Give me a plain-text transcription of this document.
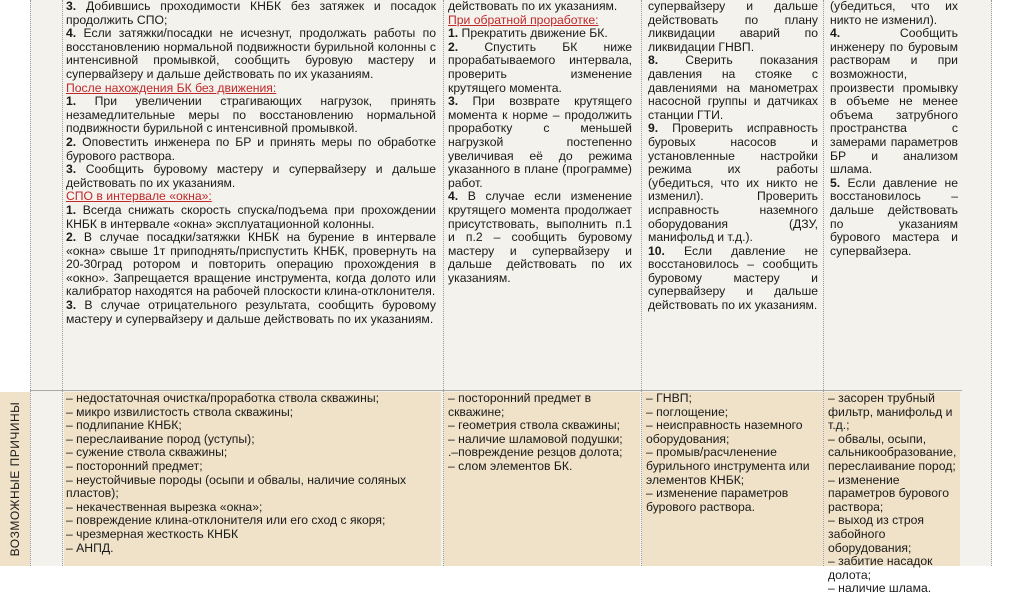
ВОЗМОЖНЫЕ ПРИЧИНЫ

3. Добившись проходимости КНБК без затяжек и посадок продолжить СПО;

4. Если затяжки/посадки не исчезнут, продолжать работы по восстановлению нормальной подвижности бурильной колонны с интенсивной промывкой, сообщить буровую мастеру и супервайзеру и дальше действовать по их указаниям.

После нахождения БК без движения:

1. При увеличении страгивающих нагрузок, принять незамедлительные меры по восстановлению нормальной подвижности бурильной с интенсивной промывкой.

2. Оповестить инженера по БР и принять меры по обработке бурового раствора.

3. Сообщить буровому мастеру и супервайзеру и дальше действовать по их указаниям.

СПО в интервале «окна»:

1. Всегда снижать скорость спуска/подъема при прохождении КНБК в интервале «окна» эксплуатационной колонны.

2. В случае посадки/затяжки КНБК на бурение в интервале «окна» свыше 1т приподнять/приспустить КНБК, провернуть на 20-30град ротором и повторить операцию прохождения в «окно». Запрещается вращение инструмента, когда долото или калибратор находятся на рабочей плоскости клина-отклонителя.

3. В случае отрицательного результата, сообщить буровому мастеру и супервайзеру и дальше действовать по их указаниям.

действовать по их указаниям.

При обратной проработке:

1. Прекратить движение БК.

2. Спустить БК ниже прорабатываемого интервала, проверить изменение крутящего момента.

3. При возврате крутящего момента к норме – продолжить проработку с меньшей нагрузкой постепенно увеличивая её до режима указанного в плане (программе) работ.

4. В случае если изменение крутящего момента продолжает присутствовать, выполнить п.1 и п.2 – сообщить буровому мастеру и супервайзеру и дальше действовать по их указаниям.

супервайзеру и дальше действовать по плану ликвидации аварий по ликвидации ГНВП.

8. Сверить показания давления на стояке с давлениями на манометрах насосной группы и датчиках станции ГТИ.

9. Проверить исправность буровых насосов и установленные настройки режима их работы (убедиться, что их никто не изменил). Проверить исправность наземного оборудования (ДЗУ, манифольд и т.д.).

10. Если давление не восстановилось – сообщить буровому мастеру и супервайзеру и дальше действовать по их указаниям.

(убедиться, что их никто не изменил).

4. Сообщить инженеру по буровым растворам и при возможности, произвести промывку в объеме не менее объема затрубного пространства с замерами параметров БР и анализом шлама.

5. Если давление не восстановилось – дальше действовать по указаниям бурового мастера и супервайзера.

– недостаточная очистка/проработка ствола скважины;

– микро извилистость ствола скважины;

– подлипание КНБК;

– переслаивание пород (уступы);

– сужение ствола скважины;

– посторонний предмет;

– неустойчивые породы (осыпи и обвалы, наличие соляных пластов);

– некачественная вырезка «окна»;

– повреждение клина-отклонителя или его сход с якоря;

– чрезмерная жесткость КНБК

– АНПД.

– посторонний предмет в скважине;

– геометрия ствола скважины;

– наличие шламовой подушки;

.–повреждение резцов долота;

– слом элементов БК.

– ГНВП;

– поглощение;

– неисправность наземного оборудования;

– промыв/расчленение бурильного инструмента или элементов КНБК;

– изменение параметров бурового раствора.

– засорен трубный фильтр, манифольд и т.д.;

– обвалы, осыпи, сальникообразование, переслаивание пород;

– изменение параметров бурового раствора;

– выход из строя забойного оборудования;

– забитие насадок долота;

– наличие шлама.
